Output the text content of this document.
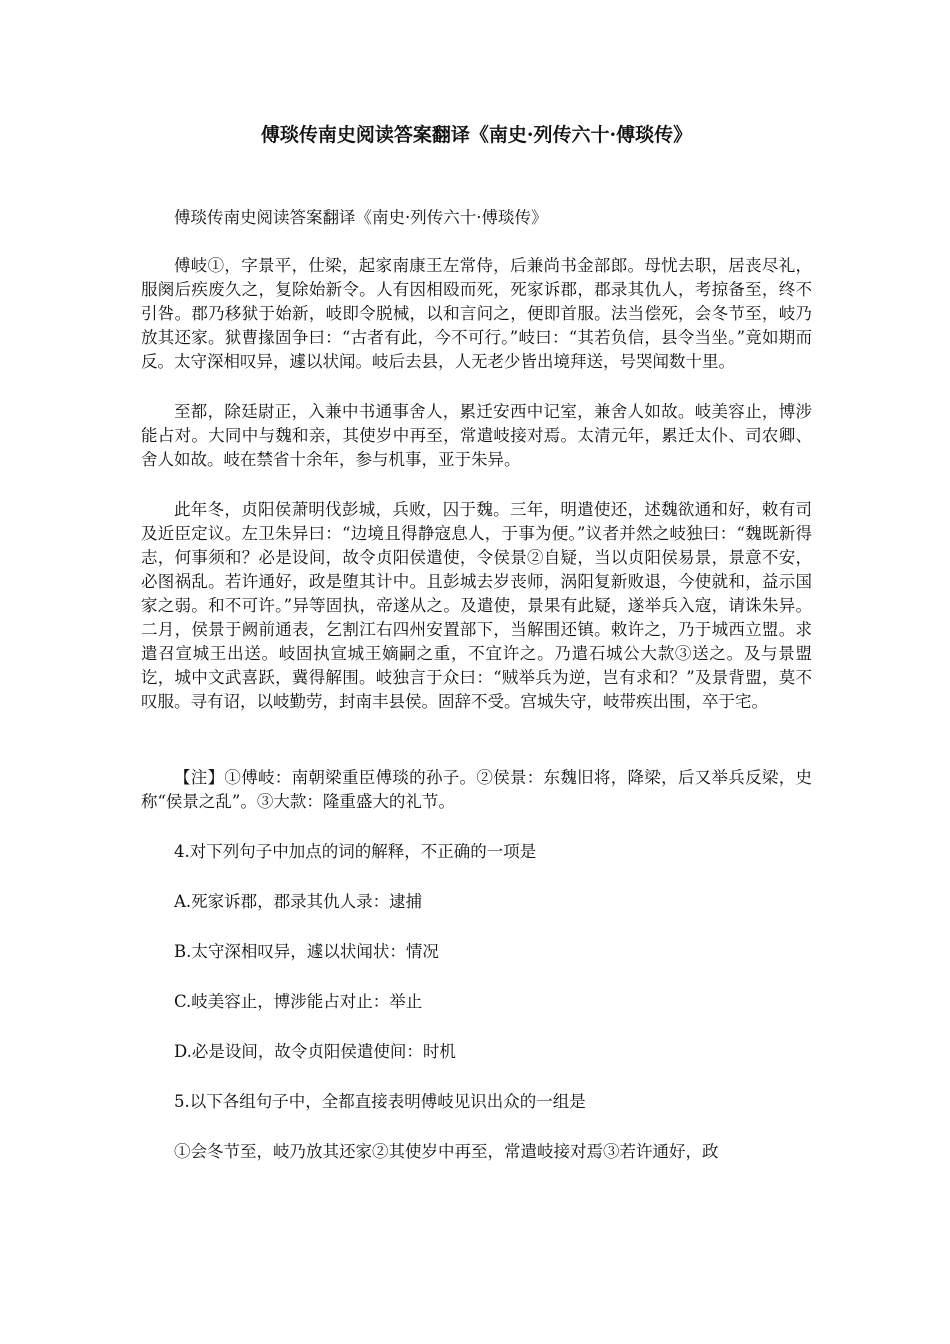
傅琰传南史阅读答案翻译《南史·列传六十·傅琰传》

傅琰传南史阅读答案翻译《南史·列传六十·傅琰传》

傅岐①，字景平，仕梁，起家南康王左常侍，后兼尚书金部郎。母忧去职，居丧尽礼，服阕后疾废久之，复除始新令。人有因相殴而死，死家诉郡，郡录其仇人，考掠备至，终不引咎。郡乃移狱于始新，岐即令脱械，以和言问之，便即首服。法当偿死，会冬节至，岐乃放其还家。狱曹掾固争曰：“古者有此，今不可行。”岐曰：“其若负信，县令当坐。”竟如期而反。太守深相叹异，遽以状闻。岐后去县，人无老少皆出境拜送，号哭闻数十里。

至都，除廷尉正，入兼中书通事舍人，累迁安西中记室，兼舍人如故。岐美容止，博涉能占对。大同中与魏和亲，其使岁中再至，常遣岐接对焉。太清元年，累迁太仆、司农卿、舍人如故。岐在禁省十余年，参与机事，亚于朱异。

此年冬，贞阳侯萧明伐彭城，兵败，囚于魏。三年，明遣使还，述魏欲通和好，敕有司及近臣定议。左卫朱异曰：“边境且得静寇息人，于事为便。”议者并然之岐独曰：“魏既新得志，何事须和？必是设间，故令贞阳侯遣使，令侯景②自疑，当以贞阳侯易景，景意不安，必图祸乱。若许通好，政是堕其计中。且彭城去岁丧师，涡阳复新败退，今使就和，益示国家之弱。和不可许。”异等固执，帝遂从之。及遣使，景果有此疑，遂举兵入寇，请诛朱异。二月，侯景于阙前通表，乞割江右四州安置部下，当解围还镇。敕许之，乃于城西立盟。求遣召宣城王出送。岐固执宣城王嫡嗣之重，不宜许之。乃遣石城公大款③送之。及与景盟讫，城中文武喜跃，冀得解围。岐独言于众曰：“贼举兵为逆，岂有求和？”及景背盟，莫不叹服。寻有诏，以岐勤劳，封南丰县侯。固辞不受。宫城失守，岐带疾出围，卒于宅。

【注】①傅岐：南朝梁重臣傅琰的孙子。②侯景：东魏旧将，降梁，后又举兵反梁，史称“侯景之乱”。③大款：隆重盛大的礼节。

4.对下列句子中加点的词的解释，不正确的一项是

A.死家诉郡，郡录其仇人录：逮捕

B.太守深相叹异，遽以状闻状：情况

C.岐美容止，博涉能占对止：举止

D.必是设间，故令贞阳侯遣使间：时机

5.以下各组句子中，全都直接表明傅岐见识出众的一组是

①会冬节至，岐乃放其还家②其使岁中再至，常遣岐接对焉③若许通好，政
